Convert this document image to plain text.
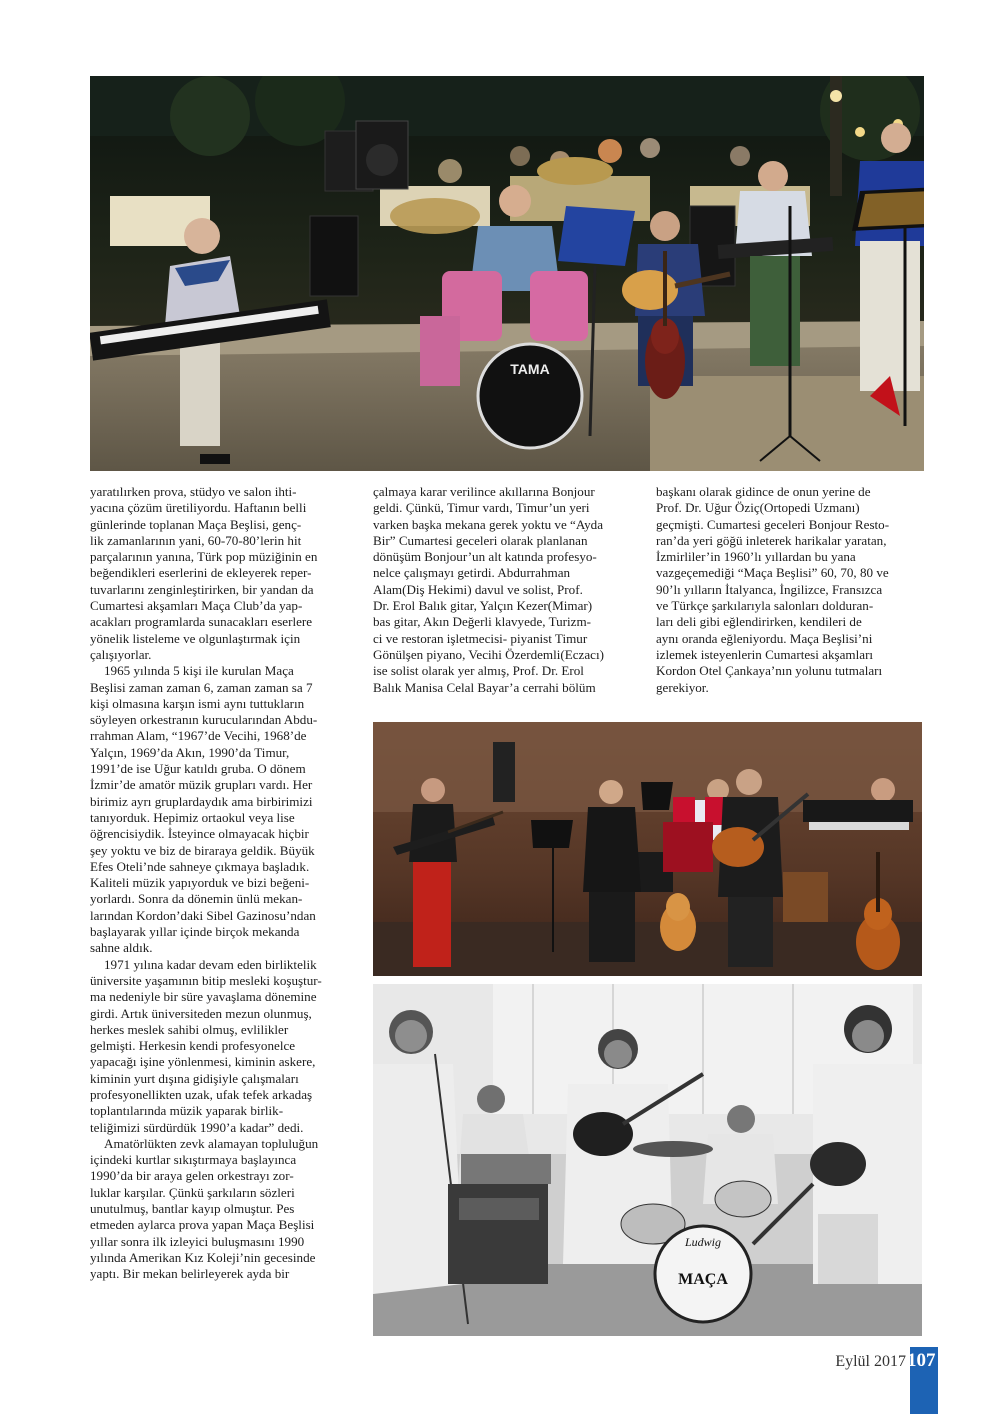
TAMA

yaratılırken prova, stüdyo ve salon ihti-
yacına çözüm üretiliyordu. Haftanın belli
günlerinde toplanan Maça Beşlisi, genç-
lik zamanlarının yani, 60-70-80’lerin hit
parçalarının yanına, Türk pop müziğinin en
beğendikleri eserlerini de ekleyerek reper-
tuvarlarını zenginleştirirken, bir yandan da
Cumartesi akşamları Maça Club’da yap-
acakları programlarda sunacakları eserlere
yönelik listeleme ve olgunlaştırmak için
çalışıyorlar.

1965 yılında 5 kişi ile kurulan Maça
Beşlisi zaman zaman 6, zaman zaman sa 7
kişi olmasına karşın ismi aynı tuttukların
söyleyen orkestranın kurucularından Abdu-
rrahman Alam, “1967’de Vecihi, 1968’de
Yalçın, 1969’da Akın, 1990’da Timur,
1991’de ise Uğur katıldı gruba. O dönem
İzmir’de amatör müzik grupları vardı. Her
birimiz ayrı gruplardaydık ama birbirimizi
tanıyorduk. Hepimiz ortaokul veya lise
öğrencisiydik. İsteyince olmayacak hiçbir
şey yoktu ve biz de biraraya geldik. Büyük
Efes Oteli’nde sahneye çıkmaya başladık.
Kaliteli müzik yapıyorduk ve bizi beğeni-
yorlardı. Sonra da dönemin ünlü mekan-
larından Kordon’daki Sibel Gazinosu’ndan
başlayarak yıllar içinde birçok mekanda
sahne aldık.

1971 yılına kadar devam eden birliktelik
üniversite yaşamının bitip mesleki koşuştur-
ma nedeniyle bir süre yavaşlama dönemine
girdi. Artık üniversiteden mezun olunmuş,
herkes meslek sahibi olmuş, evlilikler
gelmişti. Herkesin kendi profesyonelce
yapacağı işine yönlenmesi, kiminin askere,
kiminin yurt dışına gidişiyle çalışmaları
profesyonellikten uzak, ufak tefek arkadaş
toplantılarında müzik yaparak birlik-
teliğimizi sürdürdük 1990’a kadar” dedi.

Amatörlükten zevk alamayan topluluğun
içindeki kurtlar sıkıştırmaya başlayınca
1990’da bir araya gelen orkestrayı zor-
luklar karşılar. Çünkü şarkıların sözleri
unutulmuş, bantlar kayıp olmuştur. Pes
etmeden aylarca prova yapan Maça Beşlisi
yıllar sonra ilk izleyici buluşmasını 1990
yılında Amerikan Kız Koleji’nin gecesinde
yaptı. Bir mekan belirleyerek ayda bir

çalmaya karar verilince akıllarına Bonjour
geldi. Çünkü, Timur vardı, Timur’un yeri
varken başka mekana gerek yoktu ve “Ayda
Bir” Cumartesi geceleri olarak planlanan
dönüşüm Bonjour’un alt katında profesyo-
nelce çalışmayı getirdi. Abdurrahman
Alam(Diş Hekimi) davul ve solist, Prof.
Dr. Erol Balık gitar, Yalçın Kezer(Mimar)
bas gitar, Akın Değerli klavyede, Turizm-
ci ve restoran işletmecisi- piyanist Timur
Gönülşen piyano, Vecihi Özerdemli(Eczacı)
ise solist olarak yer almış, Prof. Dr. Erol
Balık Manisa Celal Bayar’a cerrahi bölüm

başkanı olarak gidince de onun yerine de
Prof. Dr. Uğur Öziç(Ortopedi Uzmanı)
geçmişti. Cumartesi geceleri Bonjour Resto-
ran’da yeri göğü inleterek harikalar yaratan,
İzmirliler’in 1960’lı yıllardan bu yana
vazgeçemediği “Maça Beşlisi” 60, 70, 80 ve
90’lı yılların İtalyanca, İngilizce, Fransızca
ve Türkçe şarkılarıyla salonları dolduran-
ları deli gibi eğlendirirken, kendileri de
aynı oranda eğleniyordu. Maça Beşlisi’ni
izlemek isteyenlerin Cumartesi akşamları
Kordon Otel Çankaya’nın yolunu tutmaları
gerekiyor.

Ludwig
MAÇA
Eylül 2017 107
